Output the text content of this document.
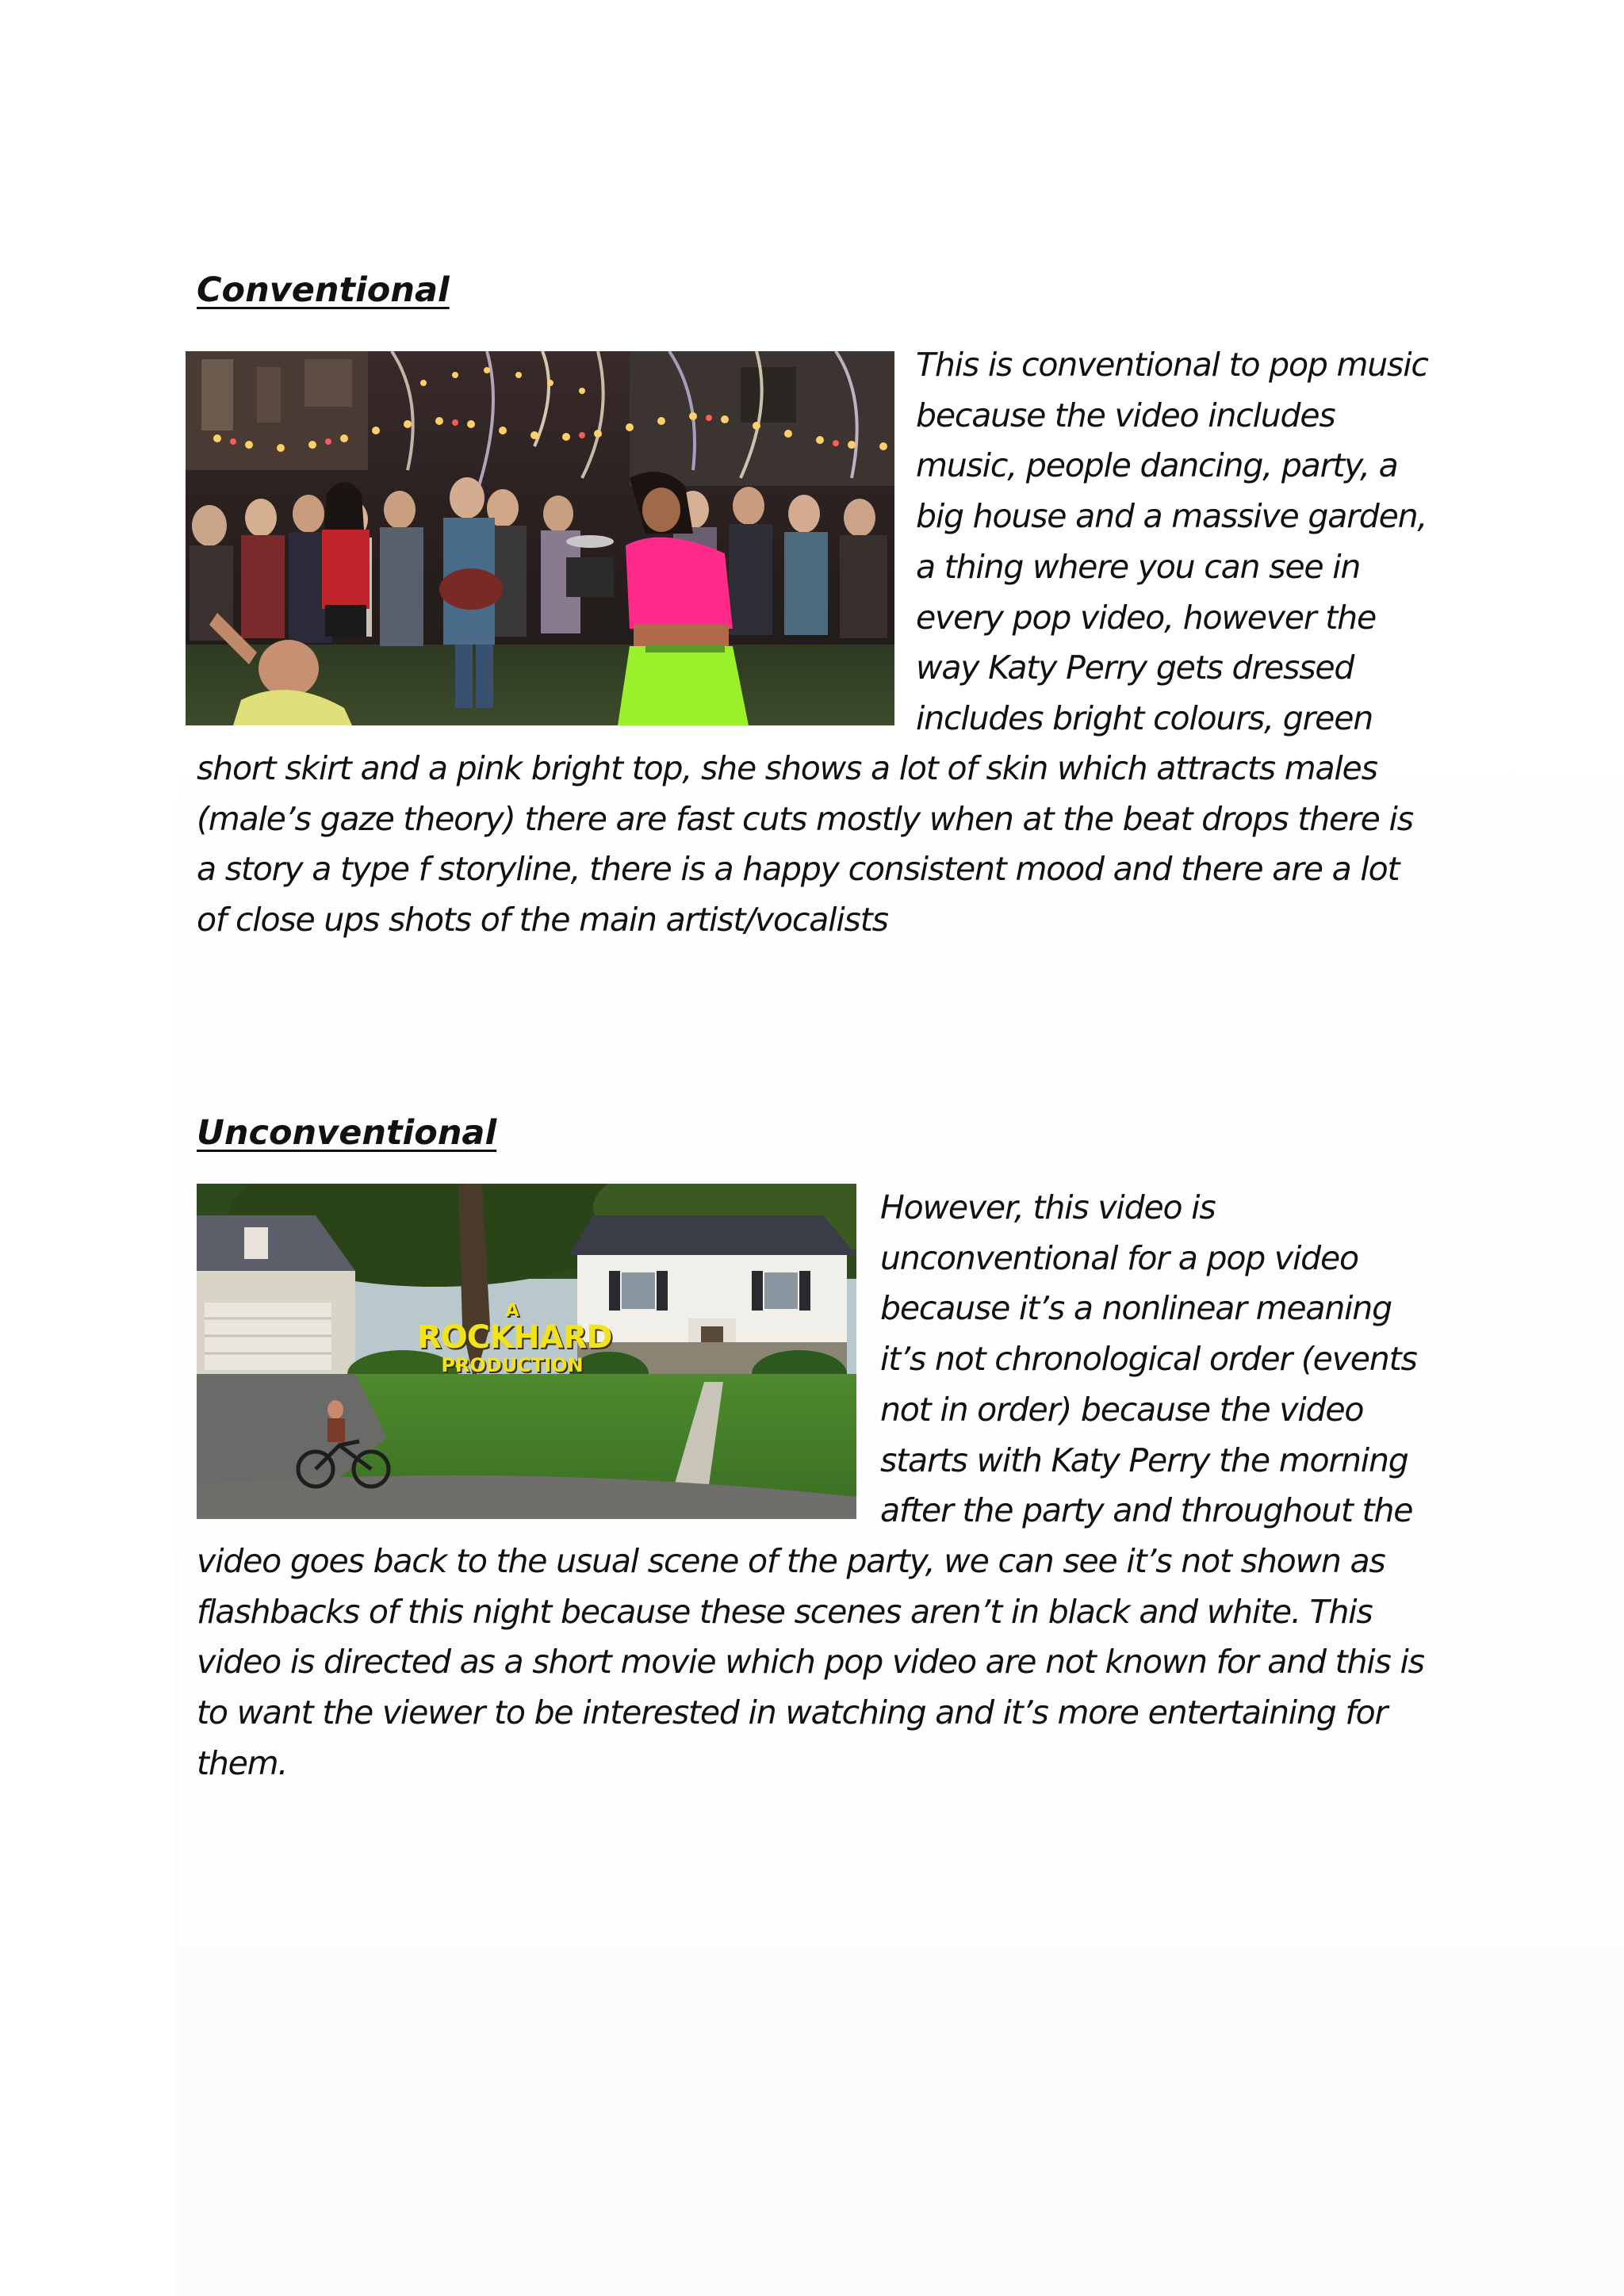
Conventional

This is conventional to pop music

because the video includes

music, people dancing, party, a

big house and a massive garden,

a thing where you can see in

every pop video, however the

way Katy Perry gets dressed

includes bright colours, green

short skirt and a pink bright top, she shows a lot of skin which attracts males

(male’s gaze theory) there are fast cuts mostly when at the beat drops there is

a story a type f storyline, there is a happy consistent mood and there are a lot

of close ups shots of the main artist/vocalists

Unconventional
A
ROCKHARD
PRODUCTION

However, this video is

unconventional for a pop video

because it’s a nonlinear meaning

it’s not chronological order (events

not in order) because the video

starts with Katy Perry the morning

after the party and throughout the

video goes back to the usual scene of the party, we can see it’s not shown as

flashbacks of this night because these scenes aren’t in black and white. This

video is directed as a short movie which pop video are not known for and this is

to want the viewer to be interested in watching and it’s more entertaining for

them.
